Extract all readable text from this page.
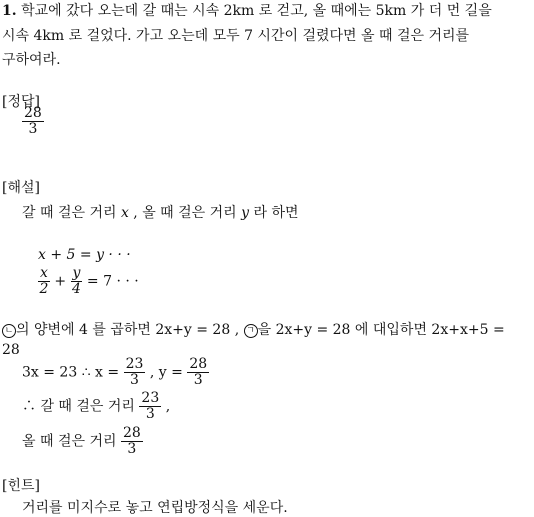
1. 학교에 갔다 오는데 갈 때는 시속 2km 로 걷고, 올 때에는 5km 가 더 먼 길을
시속 4km 로 걸었다. 가고 오는데 모두 7 시간이 걸렸다면 올 때 걸은 거리를
구하여라.
[정답]
$\frac{28}{3}$
[해설]
갈 때 걸은 거리 x , 올 때 걸은 거리 y 라 하면
x + 5 = y · · ·
$\frac{x}{2} + \frac{y}{4} = 7$ · · ·
ㄴ 의 양변에 4 를 곱하면 2x+y = 28 , ㄱ 을 2x+y = 28 에 대입하면 2x+x+5 =
28
3x = 23 ∴ $x = \frac{23}{3}$ , $y = \frac{28}{3}$
∴ 갈 때 걸은 거리 $\frac{23}{3}$ ,
올 때 걸은 거리 $\frac{28}{3}$
[힌트]
거리를 미지수로 놓고 연립방정식을 세운다.
